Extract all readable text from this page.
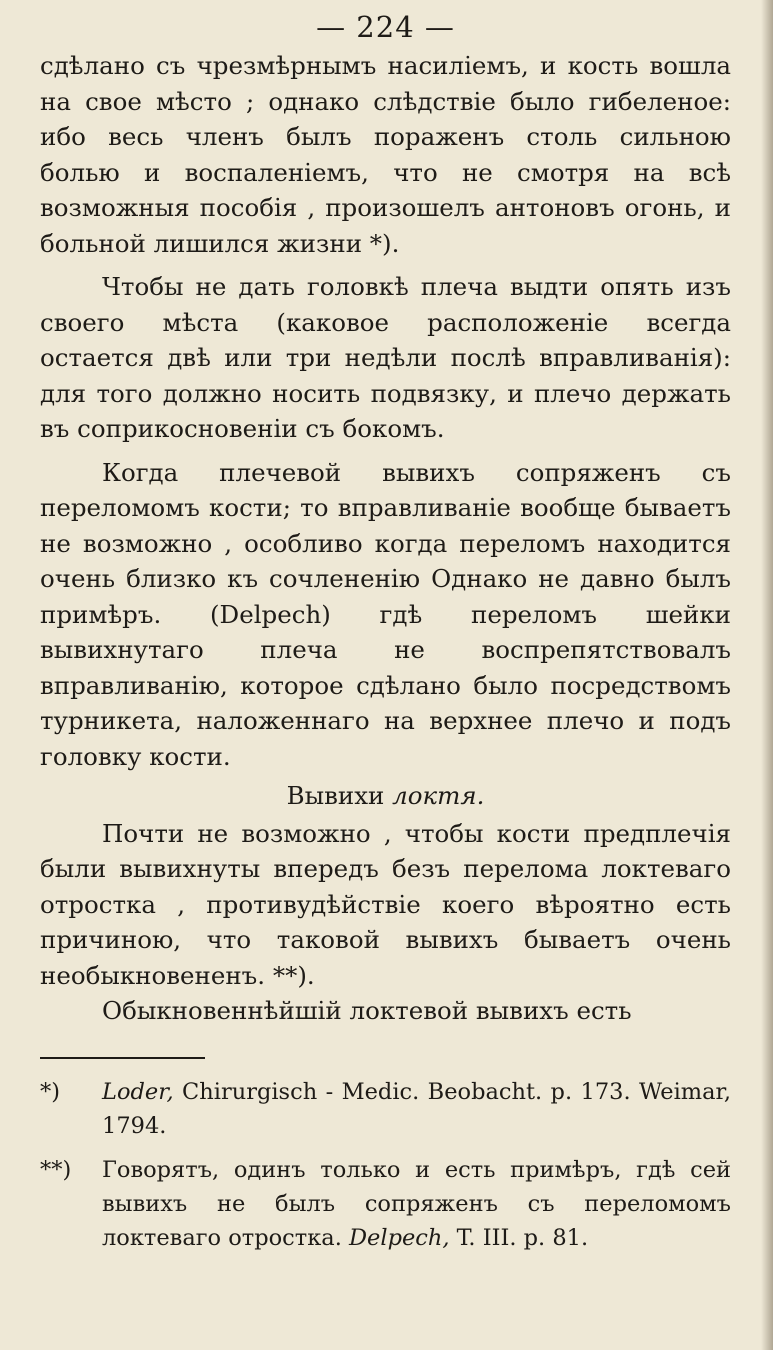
— 224 —

сдѣлано съ чрезмѣрнымъ насиліемъ, и кость вошла на свое мѣсто ; однако слѣдствіе было гибеленое: ибо весь членъ былъ пораженъ столь сильною болью и воспаленіемъ, что не смотря на всѣ возможныя пособія , произошелъ антоновъ огонь, и больной лишился жизни *).

Чтобы не дать головкѣ плеча выдти опять изъ своего мѣста (каковое расположеніе всегда остается двѣ или три недѣли послѣ вправливанія): для того должно носить подвязку, и плечо держать въ соприкосновеніи съ бокомъ.

Когда плечевой вывихъ сопряженъ съ переломомъ кости; то вправливаніе вообще бываетъ не возможно , особливо когда переломъ находится очень близко къ сочлененію Однако не давно былъ примѣръ. (Delpech) гдѣ переломъ шейки вывихнутаго плеча не воспрепятствовалъ вправливанію, которое сдѣлано было посредствомъ турникета, наложеннаго на верхнее плечо и подъ головку кости.

Вывихи локтя.

Почти не возможно , чтобы кости предплечія были вывихнуты впередъ безъ перелома локтеваго отростка , противудѣйствіе коего вѣроятно есть причиною, что таковой вывихъ бываетъ очень необыкновененъ. **).

Обыкновеннѣйшій локтевой вывихъ есть

*) Loder, Chirurgisch - Medic. Beobacht. p. 173. Weimar, 1794.

**) Говорятъ, одинъ только и есть примѣръ, гдѣ сей вывихъ не былъ сопряженъ съ переломомъ локтеваго отростка. Delpech, T. III. p. 81.
